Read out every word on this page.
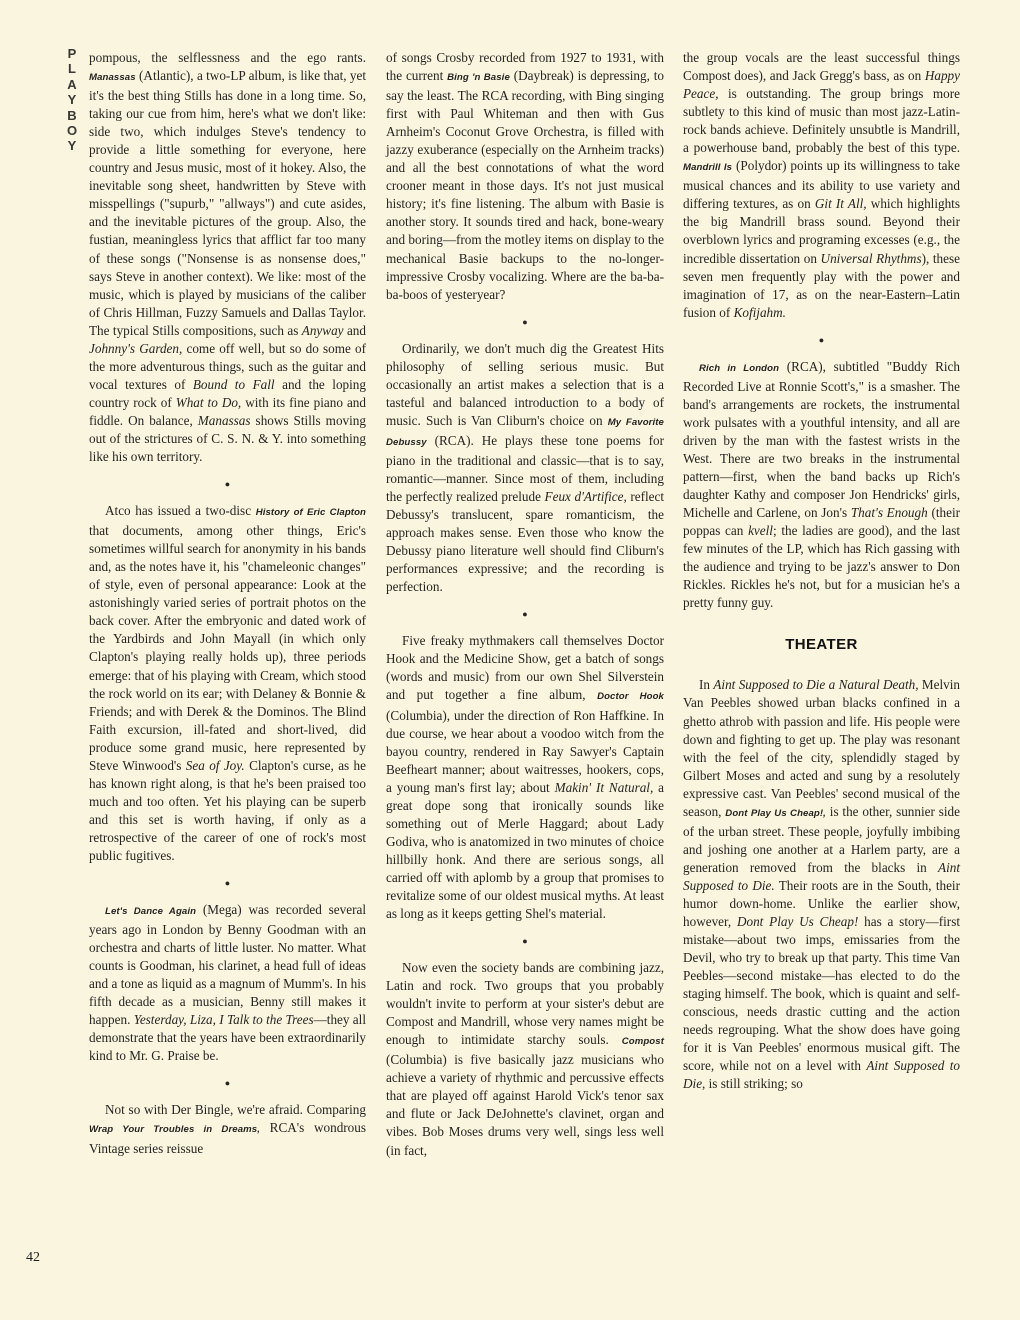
P
L
A
Y
B
O
Y
42

pompous, the selflessness and the ego rants. Manassas (Atlantic), a two-LP album, is like that, yet it's the best thing Stills has done in a long time. So, taking our cue from him, here's what we don't like: side two, which indulges Steve's tendency to provide a little something for everyone, here country and Jesus music, most of it hokey. Also, the inevitable song sheet, handwritten by Steve with misspellings ("supurb," "allways") and cute asides, and the inevitable pictures of the group. Also, the fustian, meaningless lyrics that afflict far too many of these songs ("Nonsense is as nonsense does," says Steve in another context). We like: most of the music, which is played by musicians of the caliber of Chris Hillman, Fuzzy Samuels and Dallas Taylor. The typical Stills compositions, such as Anyway and Johnny's Garden, come off well, but so do some of the more adventurous things, such as the guitar and vocal textures of Bound to Fall and the loping country rock of What to Do, with its fine piano and fiddle. On balance, Manassas shows Stills moving out of the strictures of C. S. N. & Y. into something like his own territory.

●

Atco has issued a two-disc History of Eric Clapton that documents, among other things, Eric's sometimes willful search for anonymity in his bands and, as the notes have it, his "chameleonic changes" of style, even of personal appearance: Look at the astonishingly varied series of portrait photos on the back cover. After the embryonic and dated work of the Yardbirds and John Mayall (in which only Clapton's playing really holds up), three periods emerge: that of his playing with Cream, which stood the rock world on its ear; with Delaney & Bonnie & Friends; and with Derek & the Dominos. The Blind Faith excursion, ill-fated and short-lived, did produce some grand music, here represented by Steve Winwood's Sea of Joy. Clapton's curse, as he has known right along, is that he's been praised too much and too often. Yet his playing can be superb and this set is worth having, if only as a retrospective of the career of one of rock's most public fugitives.

●

Let's Dance Again (Mega) was recorded several years ago in London by Benny Goodman with an orchestra and charts of little luster. No matter. What counts is Goodman, his clarinet, a head full of ideas and a tone as liquid as a magnum of Mumm's. In his fifth decade as a musician, Benny still makes it happen. Yesterday, Liza, I Talk to the Trees—they all demonstrate that the years have been extraordinarily kind to Mr. G. Praise be.

●

Not so with Der Bingle, we're afraid. Comparing Wrap Your Troubles in Dreams, RCA's wondrous Vintage series reissue

of songs Crosby recorded from 1927 to 1931, with the current Bing 'n Basie (Daybreak) is depressing, to say the least. The RCA recording, with Bing singing first with Paul Whiteman and then with Gus Arnheim's Coconut Grove Orchestra, is filled with jazzy exuberance (especially on the Arnheim tracks) and all the best connotations of what the word crooner meant in those days. It's not just musical history; it's fine listening. The album with Basie is another story. It sounds tired and hack, bone-weary and boring—from the motley items on display to the mechanical Basie backups to the no-longer-impressive Crosby vocalizing. Where are the ba-ba-ba-boos of yesteryear?

●

Ordinarily, we don't much dig the Greatest Hits philosophy of selling serious music. But occasionally an artist makes a selection that is a tasteful and balanced introduction to a body of music. Such is Van Cliburn's choice on My Favorite Debussy (RCA). He plays these tone poems for piano in the traditional and classic—that is to say, romantic—manner. Since most of them, including the perfectly realized prelude Feux d'Artifice, reflect Debussy's translucent, spare romanticism, the approach makes sense. Even those who know the Debussy piano literature well should find Cliburn's performances expressive; and the recording is perfection.

●

Five freaky mythmakers call themselves Doctor Hook and the Medicine Show, get a batch of songs (words and music) from our own Shel Silverstein and put together a fine album, Doctor Hook (Columbia), under the direction of Ron Haffkine. In due course, we hear about a voodoo witch from the bayou country, rendered in Ray Sawyer's Captain Beefheart manner; about waitresses, hookers, cops, a young man's first lay; about Makin' It Natural, a great dope song that ironically sounds like something out of Merle Haggard; about Lady Godiva, who is anatomized in two minutes of choice hillbilly honk. And there are serious songs, all carried off with aplomb by a group that promises to revitalize some of our oldest musical myths. At least as long as it keeps getting Shel's material.

●

Now even the society bands are combining jazz, Latin and rock. Two groups that you probably wouldn't invite to perform at your sister's debut are Compost and Mandrill, whose very names might be enough to intimidate starchy souls. Compost (Columbia) is five basically jazz musicians who achieve a variety of rhythmic and percussive effects that are played off against Harold Vick's tenor sax and flute or Jack DeJohnette's clavinet, organ and vibes. Bob Moses drums very well, sings less well (in fact,

the group vocals are the least successful things Compost does), and Jack Gregg's bass, as on Happy Peace, is outstanding. The group brings more subtlety to this kind of music than most jazz-Latin-rock bands achieve. Definitely unsubtle is Mandrill, a powerhouse band, probably the best of this type. Mandrill Is (Polydor) points up its willingness to take musical chances and its ability to use variety and differing textures, as on Git It All, which highlights the big Mandrill brass sound. Beyond their overblown lyrics and programing excesses (e.g., the incredible dissertation on Universal Rhythms), these seven men frequently play with the power and imagination of 17, as on the near-Eastern–Latin fusion of Kofijahm.

●

Rich in London (RCA), subtitled "Buddy Rich Recorded Live at Ronnie Scott's," is a smasher. The band's arrangements are rockets, the instrumental work pulsates with a youthful intensity, and all are driven by the man with the fastest wrists in the West. There are two breaks in the instrumental pattern—first, when the band backs up Rich's daughter Kathy and composer Jon Hendricks' girls, Michelle and Carlene, on Jon's That's Enough (their poppas can kvell; the ladies are good), and the last few minutes of the LP, which has Rich gassing with the audience and trying to be jazz's answer to Don Rickles. Rickles he's not, but for a musician he's a pretty funny guy.

THEATER

In Aint Supposed to Die a Natural Death, Melvin Van Peebles showed urban blacks confined in a ghetto athrob with passion and life. His people were down and fighting to get up. The play was resonant with the feel of the city, splendidly staged by Gilbert Moses and acted and sung by a resolutely expressive cast. Van Peebles' second musical of the season, Dont Play Us Cheap!, is the other, sunnier side of the urban street. These people, joyfully imbibing and joshing one another at a Harlem party, are a generation removed from the blacks in Aint Supposed to Die. Their roots are in the South, their humor down-home. Unlike the earlier show, however, Dont Play Us Cheap! has a story—first mistake—about two imps, emissaries from the Devil, who try to break up that party. This time Van Peebles—second mistake—has elected to do the staging himself. The book, which is quaint and self-conscious, needs drastic cutting and the action needs regrouping. What the show does have going for it is Van Peebles' enormous musical gift. The score, while not on a level with Aint Supposed to Die, is still striking; so
